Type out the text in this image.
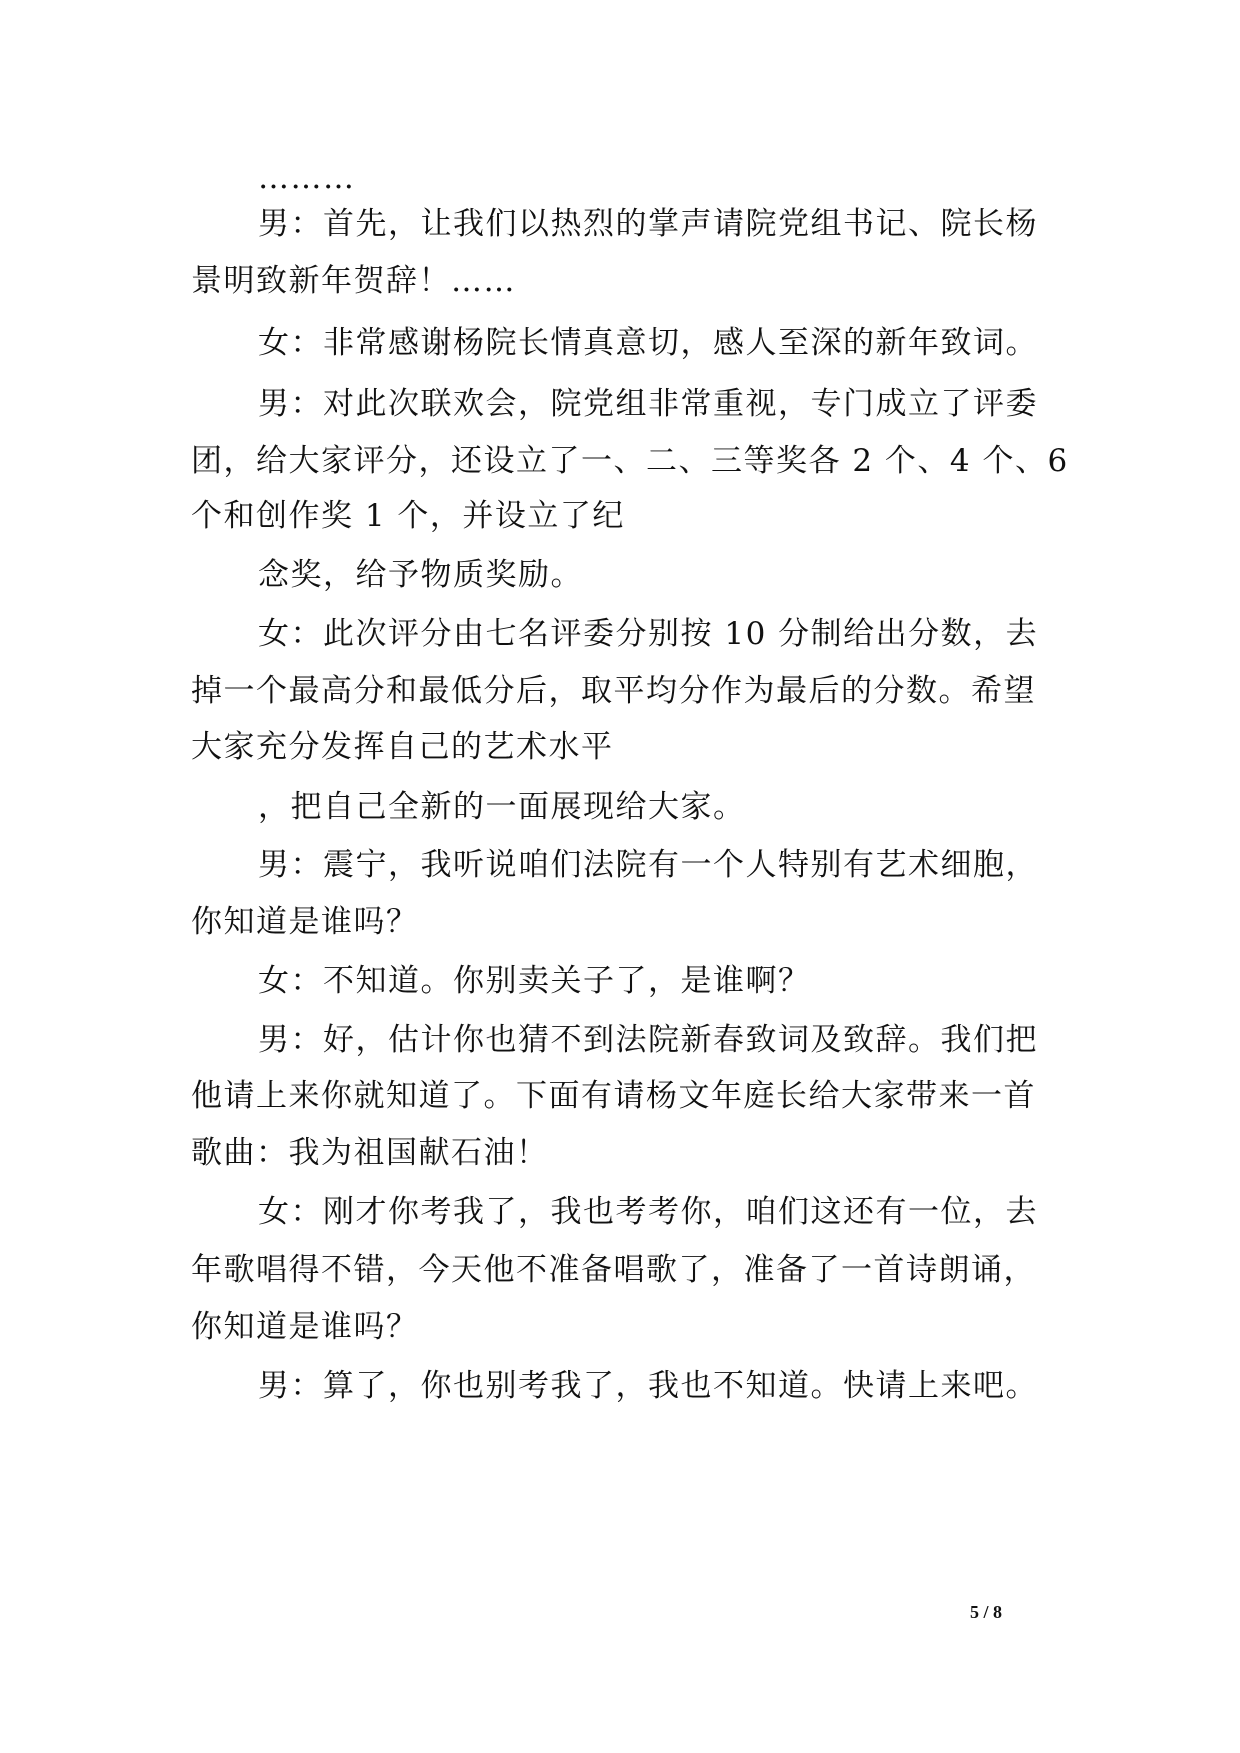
………
男：首先，让我们以热烈的掌声请院党组书记、院长杨
景明致新年贺辞！……
女：非常感谢杨院长情真意切，感人至深的新年致词。
男：对此次联欢会，院党组非常重视，专门成立了评委
团，给大家评分，还设立了一、二、三等奖各 2 个、4 个、6
个和创作奖 1 个，并设立了纪
念奖，给予物质奖励。
女：此次评分由七名评委分别按 10 分制给出分数，去
掉一个最高分和最低分后，取平均分作为最后的分数。希望
大家充分发挥自己的艺术水平
，把自己全新的一面展现给大家。
男：震宁，我听说咱们法院有一个人特别有艺术细胞，
你知道是谁吗？
女：不知道。你别卖关子了，是谁啊？
男：好，估计你也猜不到法院新春致词及致辞。我们把
他请上来你就知道了。下面有请杨文年庭长给大家带来一首
歌曲：我为祖国献石油！
女：刚才你考我了，我也考考你，咱们这还有一位，去
年歌唱得不错，今天他不准备唱歌了，准备了一首诗朗诵，
你知道是谁吗？
男：算了，你也别考我了，我也不知道。快请上来吧。
5 / 8
